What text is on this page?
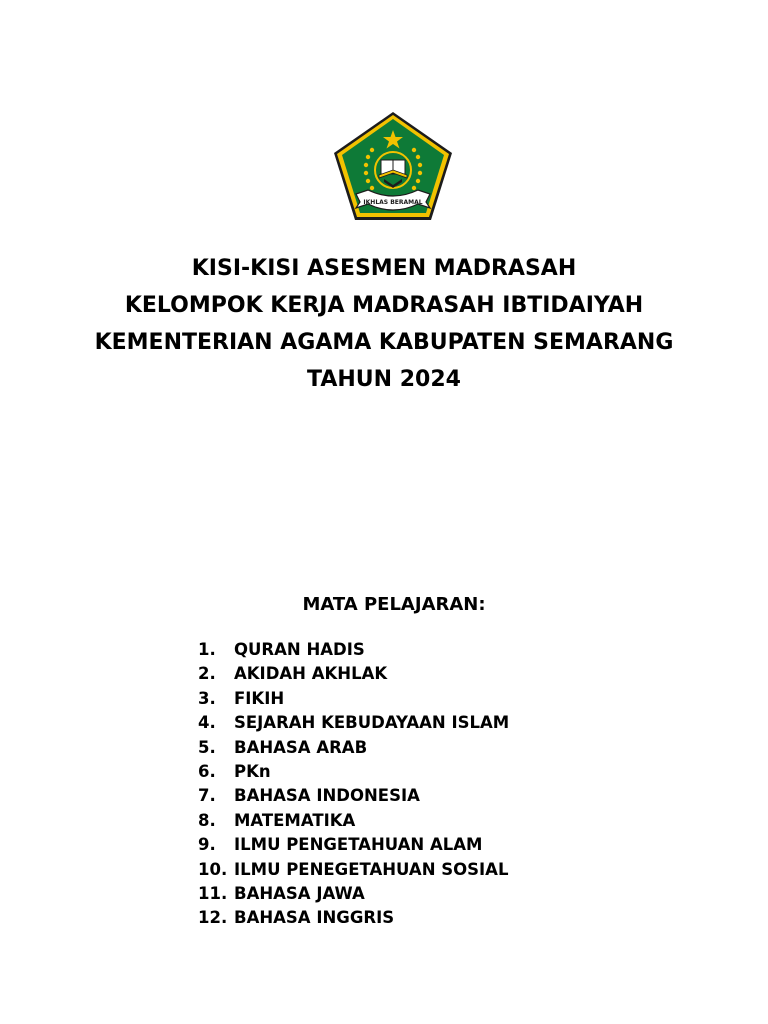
IKHLAS BERAMAL
KISI-KISI ASESMEN MADRASAH
KELOMPOK KERJA MADRASAH IBTIDAIYAH
KEMENTERIAN AGAMA KABUPATEN SEMARANG
TAHUN 2024
MATA PELAJARAN:
1.	QURAN HADIS
2.	AKIDAH AKHLAK
3.	FIKIH
4.	SEJARAH KEBUDAYAAN ISLAM
5.	BAHASA ARAB
6.	PKn
7.	BAHASA INDONESIA
8.	MATEMATIKA
9.	ILMU PENGETAHUAN ALAM
10. ILMU PENEGETAHUAN SOSIAL
11. BAHASA JAWA
12. BAHASA INGGRIS
